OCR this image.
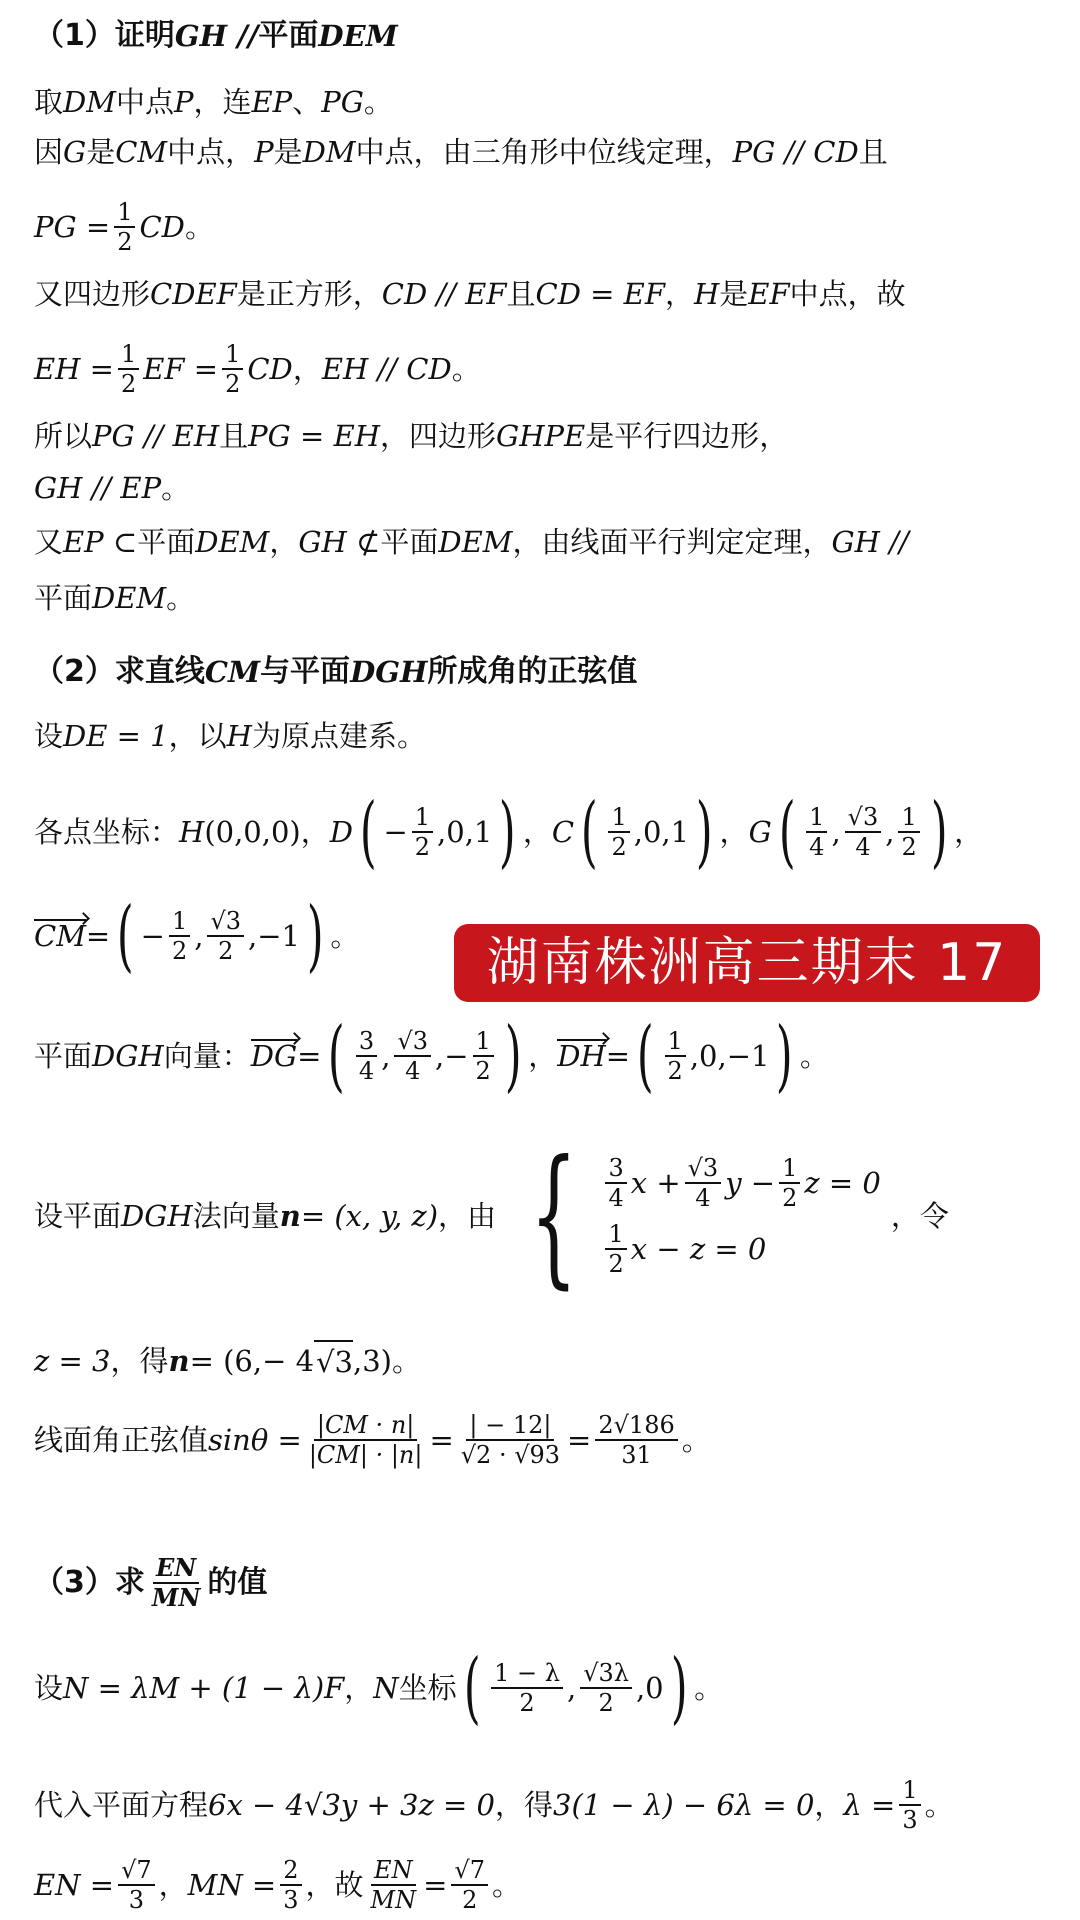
（1）证明 GH // 平面 DEM
取 DM 中点 P ，连 EP 、 PG 。
因 G 是 CM 中点， P 是 DM 中点，由三角形中位线定理， PG // CD 且
PG = $\frac{1}{2}$ CD 。
又四边形 CDEF 是正方形， CD // EF 且 CD = EF ， H 是 EF 中点，故
EH = $\frac{1}{2}$ EF = $\frac{1}{2}$ CD ， EH // CD 。
所以 PG // EH 且 PG = EH ，四边形 GHPE 是平行四边形，
GH // EP 。
又 EP ⊂ 平面 DEM ， GH ⊄ 平面 DEM ，由线面平行判定定理， GH //
平面 DEM 。
（2）求直线 CM 与平面 DGH 所成角的正弦值
设 DE = 1 ，以 H 为原点建系。
各点坐标： H (0,0,0) ， D ( − $\frac{1}{2} ,0,1$ ) ， C ( $\frac{1}{2} ,0,1$ ) ， G ( $\frac{1}{4}$ , $\frac{√3}{4}$ , $\frac{1}{2}$ ) ，
CM = ( − $\frac{1}{2}$ , $\frac{√3}{2} ,-1$ ) 。	湖南株洲高三期末 17
平面 DGH 向量： DG = ( $\frac{3}{4}$ , $\frac{√3}{4}$ ,− $\frac{1}{2}$ ) ， DH = ( $\frac{1}{2} ,0,-1$ ) 。
设平面 DGH 法向量 n = (x, y, z) ，由 { $\frac{3}{4}$ $x + \frac{√3}{4}$ $y - \frac{1}{2}$ z = 0
$\frac{1}{2}$ x − z = 0
，令
z = 3 ，得 n = (6,− 4 √3 ,3) 。
线面角正弦值 $\sin\theta = \frac{|CM \cdot n|}{|CM| \cdot |n|} = \frac{| - 12|}{√2 \cdot √93} = \frac{2√186}{31}$ 。
（3）求 $\frac{EN}{MN}$ 的值
设 N = λM + (1 − λ)F ， N 坐标 ( $\frac{1 - \lambda}{2}$ , $\frac{√3\lambda}{2} ,0$ ) 。
代入平面方程 6x − 4√3y + 3z = 0 ，得 3(1 − λ) − 6λ = 0 ， $\lambda = \frac{1}{3}$ 。
EN = $\frac{√7}{3}$ ， MN = $\frac{2}{3}$ ，故 $\frac{EN}{MN} = \frac{√7}{2}$ 。
